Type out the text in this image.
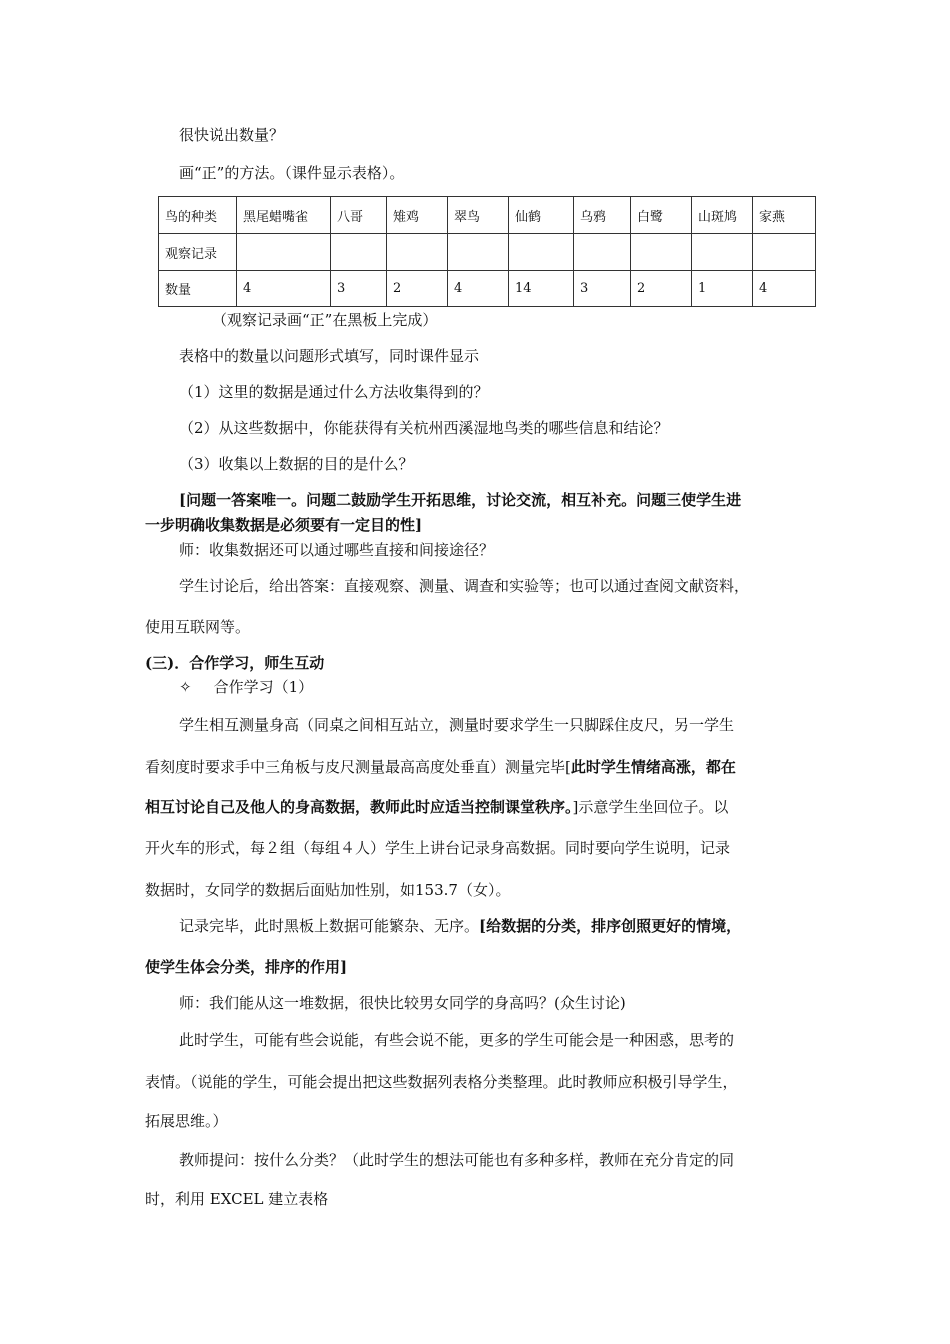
很快说出数量？
画“正”的方法。（课件显示表格）。
鸟的种类	黑尾蜡嘴雀	八哥	雉鸡	翠鸟	仙鹤	乌鸦	白鹭	山斑鸠	家燕
观察记录									
数量	4	3	2	4	14	3	2	1	4
（观察记录画“正”在黑板上完成）
表格中的数量以问题形式填写，同时课件显示
（1）这里的数据是通过什么方法收集得到的？
（2）从这些数据中，你能获得有关杭州西溪湿地鸟类的哪些信息和结论？
（3）收集以上数据的目的是什么？
[问题一答案唯一。问题二鼓励学生开拓思维，讨论交流，相互补充。问题三使学生进
一步明确收集数据是必须要有一定目的性]
师：收集数据还可以通过哪些直接和间接途径？
学生讨论后，给出答案：直接观察、测量、调查和实验等；也可以通过查阅文献资料，
使用互联网等。
(三)．合作学习，师生互动
✧ 合作学习（1）
学生相互测量身高（同桌之间相互站立，测量时要求学生一只脚踩住皮尺，另一学生
看刻度时要求手中三角板与皮尺测量最高高度处垂直）测量完毕[此时学生情绪高涨，都在
相互讨论自己及他人的身高数据，教师此时应适当控制课堂秩序。]示意学生坐回位子。以
开火车的形式，每２组（每组４人）学生上讲台记录身高数据。同时要向学生说明，记录
数据时，女同学的数据后面贴加性别，如153.7（女）。
记录完毕，此时黑板上数据可能繁杂、无序。[给数据的分类，排序创照更好的情境，
使学生体会分类，排序的作用]
师：我们能从这一堆数据，很快比较男女同学的身高吗？(众生讨论)
此时学生，可能有些会说能，有些会说不能，更多的学生可能会是一种困惑，思考的
表情。（说能的学生，可能会提出把这些数据列表格分类整理。此时教师应积极引导学生，
拓展思维。）
教师提问：按什么分类？（此时学生的想法可能也有多种多样，教师在充分肯定的同
时，利用 EXCEL 建立表格
